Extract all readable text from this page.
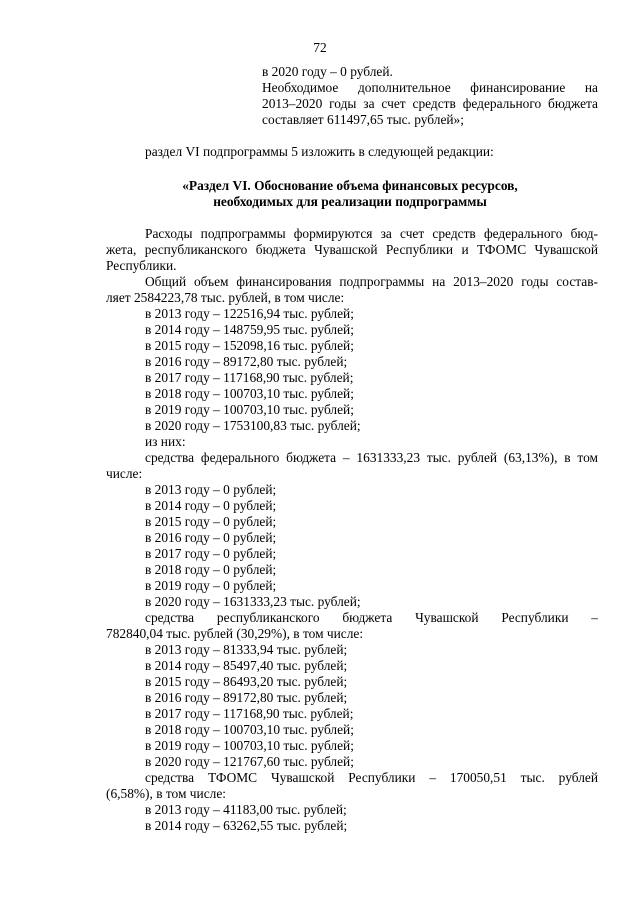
72
в 2020 году – 0 рублей.
Необходимое дополнительное финансирование на
2013–2020 годы за счет средств федерального бюджета
составляет 611497,65 тыс. рублей»;
раздел VI подпрограммы 5 изложить в следующей редакции:
«Раздел VI. Обоснование объема финансовых ресурсов,
необходимых для реализации подпрограммы
Расходы подпрограммы формируются за счет средств федерального бюд-
жета, республиканского бюджета Чувашской Республики и ТФОМС Чувашской
Республики.
Общий объем финансирования подпрограммы на 2013–2020 годы состав-
ляет 2584223,78 тыс. рублей, в том числе:
в 2013 году – 122516,94 тыс. рублей;
в 2014 году – 148759,95 тыс. рублей;
в 2015 году – 152098,16 тыс. рублей;
в 2016 году – 89172,80 тыс. рублей;
в 2017 году – 117168,90 тыс. рублей;
в 2018 году – 100703,10 тыс. рублей;
в 2019 году – 100703,10 тыс. рублей;
в 2020 году – 1753100,83 тыс. рублей;
из них:
средства федерального бюджета – 1631333,23 тыс. рублей (63,13%), в том
числе:
в 2013 году – 0 рублей;
в 2014 году – 0 рублей;
в 2015 году – 0 рублей;
в 2016 году – 0 рублей;
в 2017 году – 0 рублей;
в 2018 году – 0 рублей;
в 2019 году – 0 рублей;
в 2020 году – 1631333,23 тыс. рублей;
средства республиканского бюджета Чувашской Республики –
782840,04 тыс. рублей (30,29%), в том числе:
в 2013 году – 81333,94 тыс. рублей;
в 2014 году – 85497,40 тыс. рублей;
в 2015 году – 86493,20 тыс. рублей;
в 2016 году – 89172,80 тыс. рублей;
в 2017 году – 117168,90 тыс. рублей;
в 2018 году – 100703,10 тыс. рублей;
в 2019 году – 100703,10 тыс. рублей;
в 2020 году – 121767,60 тыс. рублей;
средства ТФОМС Чувашской Республики – 170050,51 тыс. рублей
(6,58%), в том числе:
в 2013 году – 41183,00 тыс. рублей;
в 2014 году – 63262,55 тыс. рублей;
